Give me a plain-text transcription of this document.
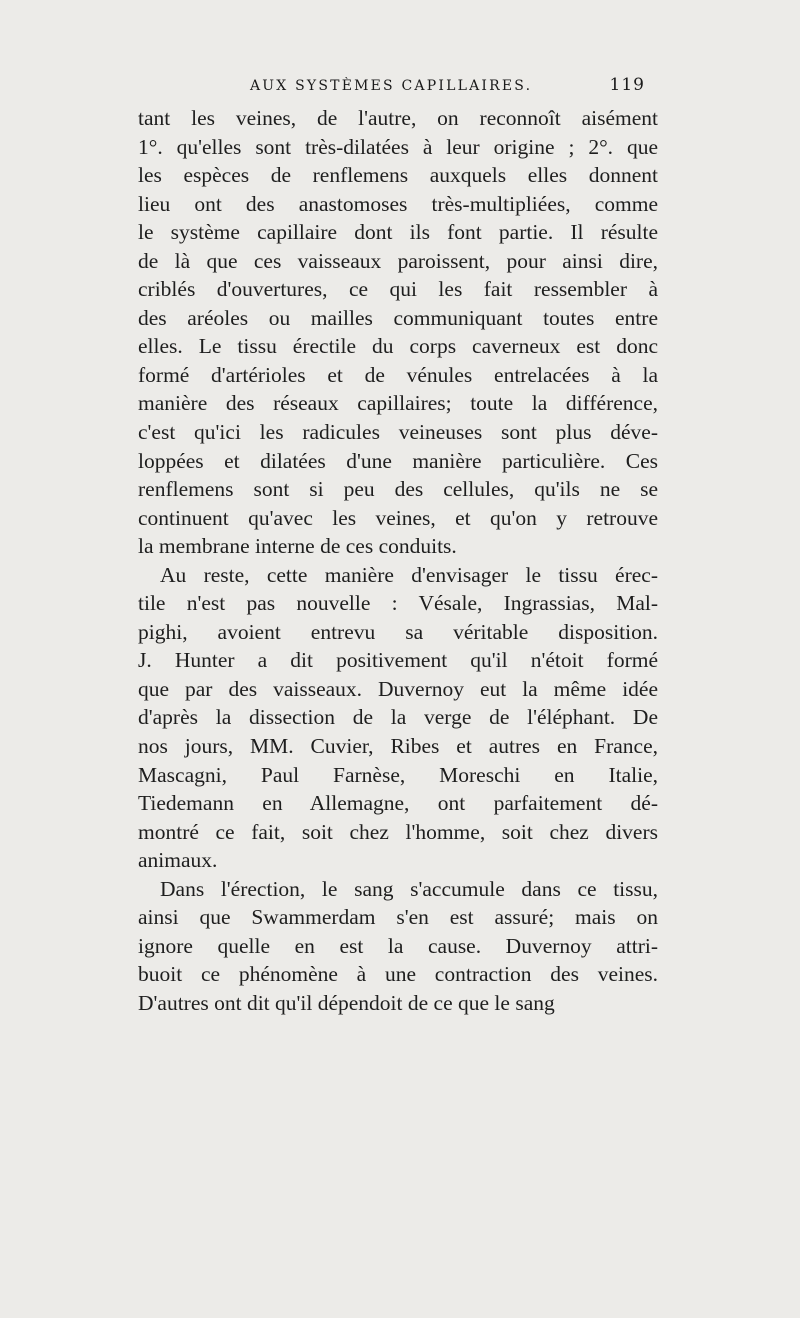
AUX SYSTÈMES CAPILLAIRES.	119
tant les veines, de l'autre, on reconnoît aisément
1°. qu'elles sont très-dilatées à leur origine ; 2°. que
les espèces de renflemens auxquels elles donnent
lieu ont des anastomoses très-multipliées, comme
le système capillaire dont ils font partie. Il résulte
de là que ces vaisseaux paroissent, pour ainsi dire,
criblés d'ouvertures, ce qui les fait ressembler à
des aréoles ou mailles communiquant toutes entre
elles. Le tissu érectile du corps caverneux est donc
formé d'artérioles et de vénules entrelacées à la
manière des réseaux capillaires; toute la différence,
c'est qu'ici les radicules veineuses sont plus déve-
loppées et dilatées d'une manière particulière. Ces
renflemens sont si peu des cellules, qu'ils ne se
continuent qu'avec les veines, et qu'on y retrouve
la membrane interne de ces conduits.
Au reste, cette manière d'envisager le tissu érec-
tile n'est pas nouvelle : Vésale, Ingrassias, Mal-
pighi, avoient entrevu sa véritable disposition.
J. Hunter a dit positivement qu'il n'étoit formé
que par des vaisseaux. Duvernoy eut la même idée
d'après la dissection de la verge de l'éléphant. De
nos jours, MM. Cuvier, Ribes et autres en France,
Mascagni, Paul Farnèse, Moreschi en Italie,
Tiedemann en Allemagne, ont parfaitement dé-
montré ce fait, soit chez l'homme, soit chez divers
animaux.
Dans l'érection, le sang s'accumule dans ce tissu,
ainsi que Swammerdam s'en est assuré; mais on
ignore quelle en est la cause. Duvernoy attri-
buoit ce phénomène à une contraction des veines.
D'autres ont dit qu'il dépendoit de ce que le sang
